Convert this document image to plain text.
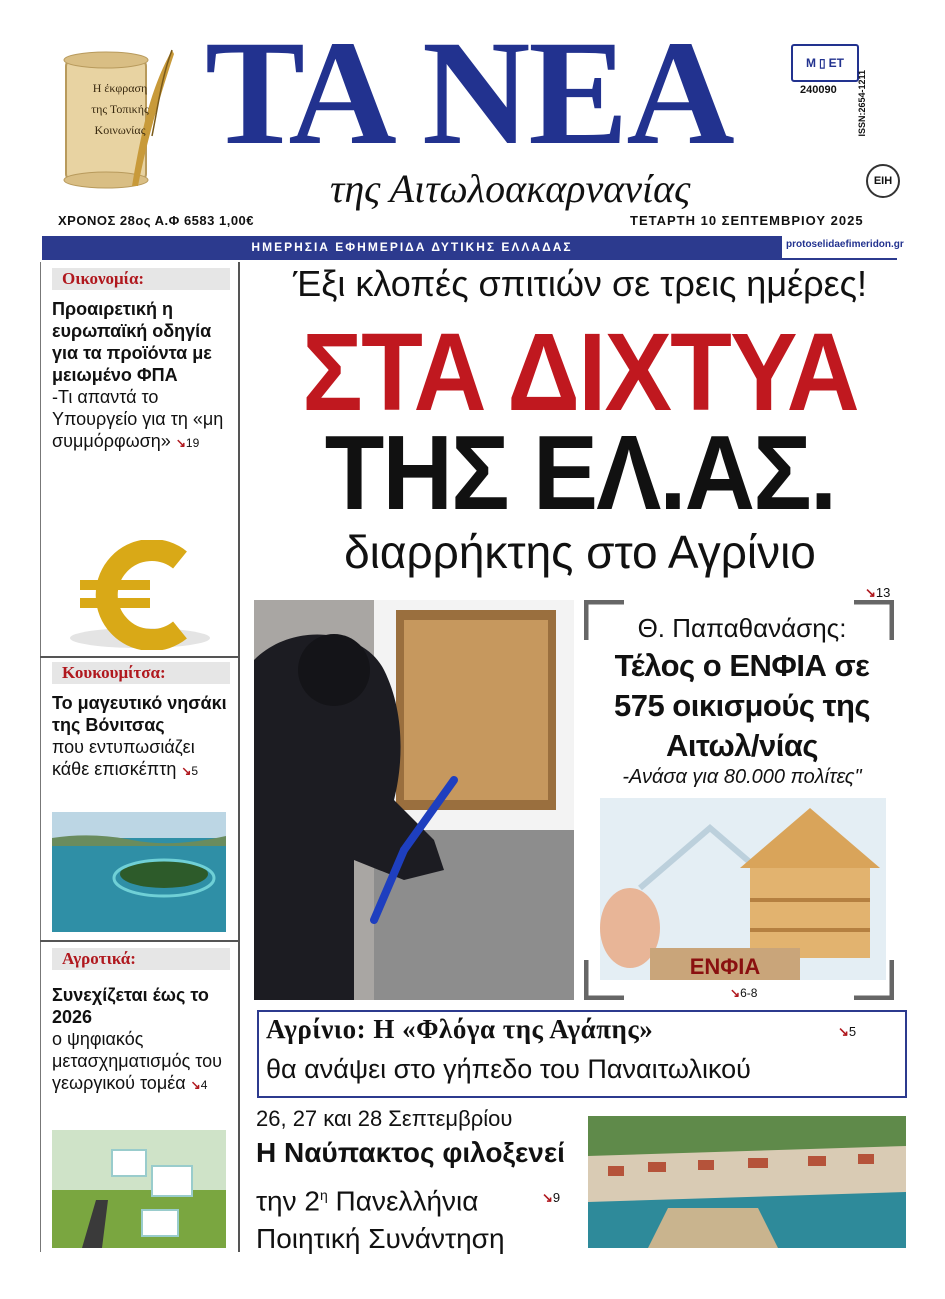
Η έκφραση
της Τοπικής
Κοινωνίας ΤΑ ΝΕΑ
της Αιτωλοακαρνανίας
Μ ▯ ΕΤ
240090 ISSN:2654-1211
ΕΙΗ
ΧΡΟΝΟΣ 28ος Α.Φ 6583 1,00€	ΤΕΤΑΡΤΗ 10 ΣΕΠΤΕΜΒΡΙΟΥ 2025
ΗΜΕΡΗΣΙΑ ΕΦΗΜΕΡΙΔΑ ΔΥΤΙΚΗΣ ΕΛΛΑΔΑΣ	protoselidaefimeridon.gr
Οικονομία:
Προαιρετική η ευρωπαϊκή οδηγία για τα προϊόντα με μειωμένο ΦΠΑ
-Τι απαντά το Υπουργείο για τη «μη συμμόρφωση» ↘19
Κουκουμίτσα:
Το μαγευτικό νησάκι της Βόνιτσας
που εντυπωσιάζει κάθε επισκέπτη ↘5
Αγροτικά:
Συνεχίζεται έως το 2026
ο ψηφιακός μετασχηματισμός του γεωργικού τομέα ↘4
Έξι κλοπές σπιτιών σε τρεις ημέρες!
ΣΤΑ ΔΙΧΤΥΑ
ΤΗΣ ΕΛ.ΑΣ.
διαρρήκτης στο Αγρίνιο
↘13
Θ. Παπαθανάσης:
Τέλος ο ΕΝΦΙΑ σε 575 οικισμούς της Αιτωλ/νίας
-Ανάσα για 80.000 πολίτες"
ΕΝΦΙΑ
↘6-8
Αγρίνιο: Η «Φλόγα της Αγάπης»
θα ανάψει στο γήπεδο του Παναιτωλικού
↘5
26, 27 και 28 Σεπτεμβρίου
Η Ναύπακτος φιλοξενεί
την $2^\eta$ Πανελλήνια Ποιητική Συνάντηση
↘9
